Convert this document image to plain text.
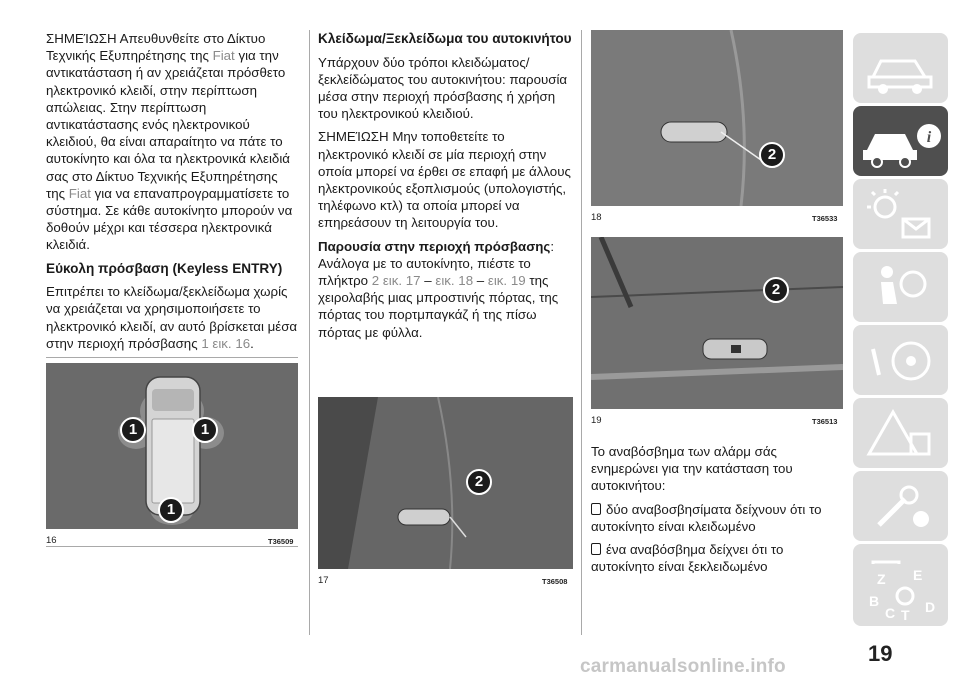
ΣΗΜΕΊΩΣΗ Απευθυνθείτε στο Δίκτυο Τεχνικής Εξυπηρέτησης της Fiat για την αντικατάσταση ή αν χρειάζεται πρόσθετο ηλεκτρονικό κλειδί, στην περίπτωση απώλειας. Στην περίπτωση αντικατάστασης ενός ηλεκτρονικού κλειδιού, θα είναι απαραίτητο να πάτε το αυτοκίνητο και όλα τα ηλεκτρονικά κλειδιά σας στο Δίκτυο Τεχνικής Εξυπηρέτησης της Fiat για να επαναπρογραμματίσετε το σύστημα. Σε κάθε αυτοκίνητο μπορούν να δοθούν μέχρι και τέσσερα ηλεκτρονικά κλειδιά.

Εύκολη πρόσβαση (Keyless ENTRY)

Επιτρέπει το κλείδωμα/ξεκλείδωμα χωρίς να χρειάζεται να χρησιμοποιήσετε το ηλεκτρονικό κλειδί, αν αυτό βρίσκεται μέσα στην περιοχή πρόσβασης 1 εικ. 16.

1	1
1
16	T36509

Κλείδωμα/Ξεκλείδωμα του αυτοκινήτου

Υπάρχουν δύο τρόποι κλειδώματος/ ξεκλείδώματος του αυτοκινήτου: παρουσία μέσα στην περιοχή πρόσβασης ή χρήση του ηλεκτρονικού κλειδιού.

ΣΗΜΕΊΩΣΗ Μην τοποθετείτε το ηλεκτρονικό κλειδί σε μία περιοχή στην οποία μπορεί να έρθει σε επαφή με άλλους ηλεκτρονικούς εξοπλισμούς (υπολογιστής, τηλέφωνο κτλ) τα οποία μπορεί να επηρεάσουν τη λειτουργία του.

Παρουσία στην περιοχή πρόσβασης: Ανάλογα με το αυτοκίνητο, πιέστε το πλήκτρο 2 εικ. 17 – εικ. 18 – εικ. 19 της χειρολαβής μιας μπροστινής πόρτας, της πόρτας του πορτμπαγκάζ ή της πίσω πόρτας με φύλλα.

2
17	T36508
2
18	T36533
2
19	T36513

Το αναβόσβημα των αλάρμ σάς ενημερώνει για την κατάσταση του αυτοκινήτου:

δύο αναβοσβησίματα δείχνουν ότι το αυτοκίνητο είναι κλειδωμένο

ένα αναβόσβημα δείχνει ότι το αυτοκίνητο είναι ξεκλειδωμένο

i
Z E
B
C T D
19
carmanualsonline.info
